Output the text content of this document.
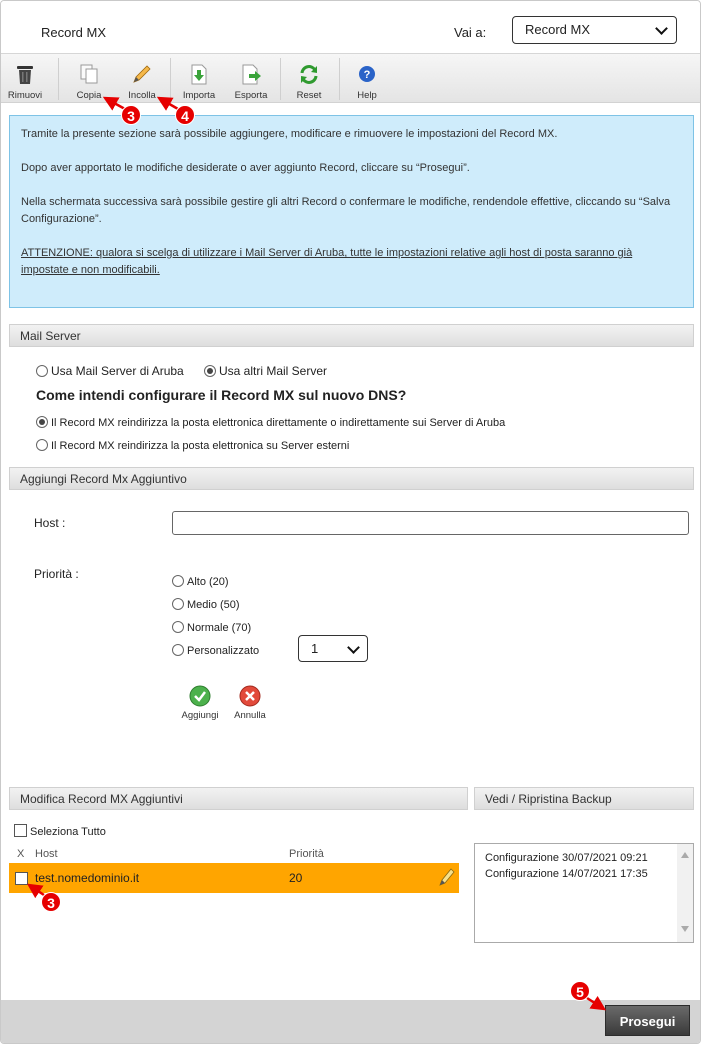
Record MX	Vai a:	Record MX
Rimuovi	Copia	Incolla	Importa	Esporta	Reset
?
Help

Tramite la presente sezione sarà possibile aggiungere, modificare e rimuovere le impostazioni del Record MX.

Dopo aver apportato le modifiche desiderate o aver aggiunto Record, cliccare su “Prosegui”.

Nella schermata successiva sarà possibile gestire gli altri Record o confermare le modifiche, rendendole effettive, cliccando su “Salva Configurazione”.

ATTENZIONE: qualora si scelga di utilizzare i Mail Server di Aruba, tutte le impostazioni relative agli host di posta saranno già impostate e non modificabili.

Mail Server
Usa Mail Server di Aruba	Usa altri Mail Server
Come intendi configurare il Record MX sul nuovo DNS?
Il Record MX reindirizza la posta elettronica direttamente o indirettamente sui Server di Aruba
Il Record MX reindirizza la posta elettronica su Server esterni
Aggiungi Record Mx Aggiuntivo
Host :
Priorità :
Alto (20)
Medio (50)
Normale (70)
Personalizzato	1
Aggiungi	Annulla
Modifica Record MX Aggiuntivi	Vedi / Ripristina Backup
Seleziona Tutto
X Host	Priorità
test.nomedominio.it	20
Configurazione 30/07/2021 09:21
Configurazione 14/07/2021 17:35
Prosegui
3	4
3
5
